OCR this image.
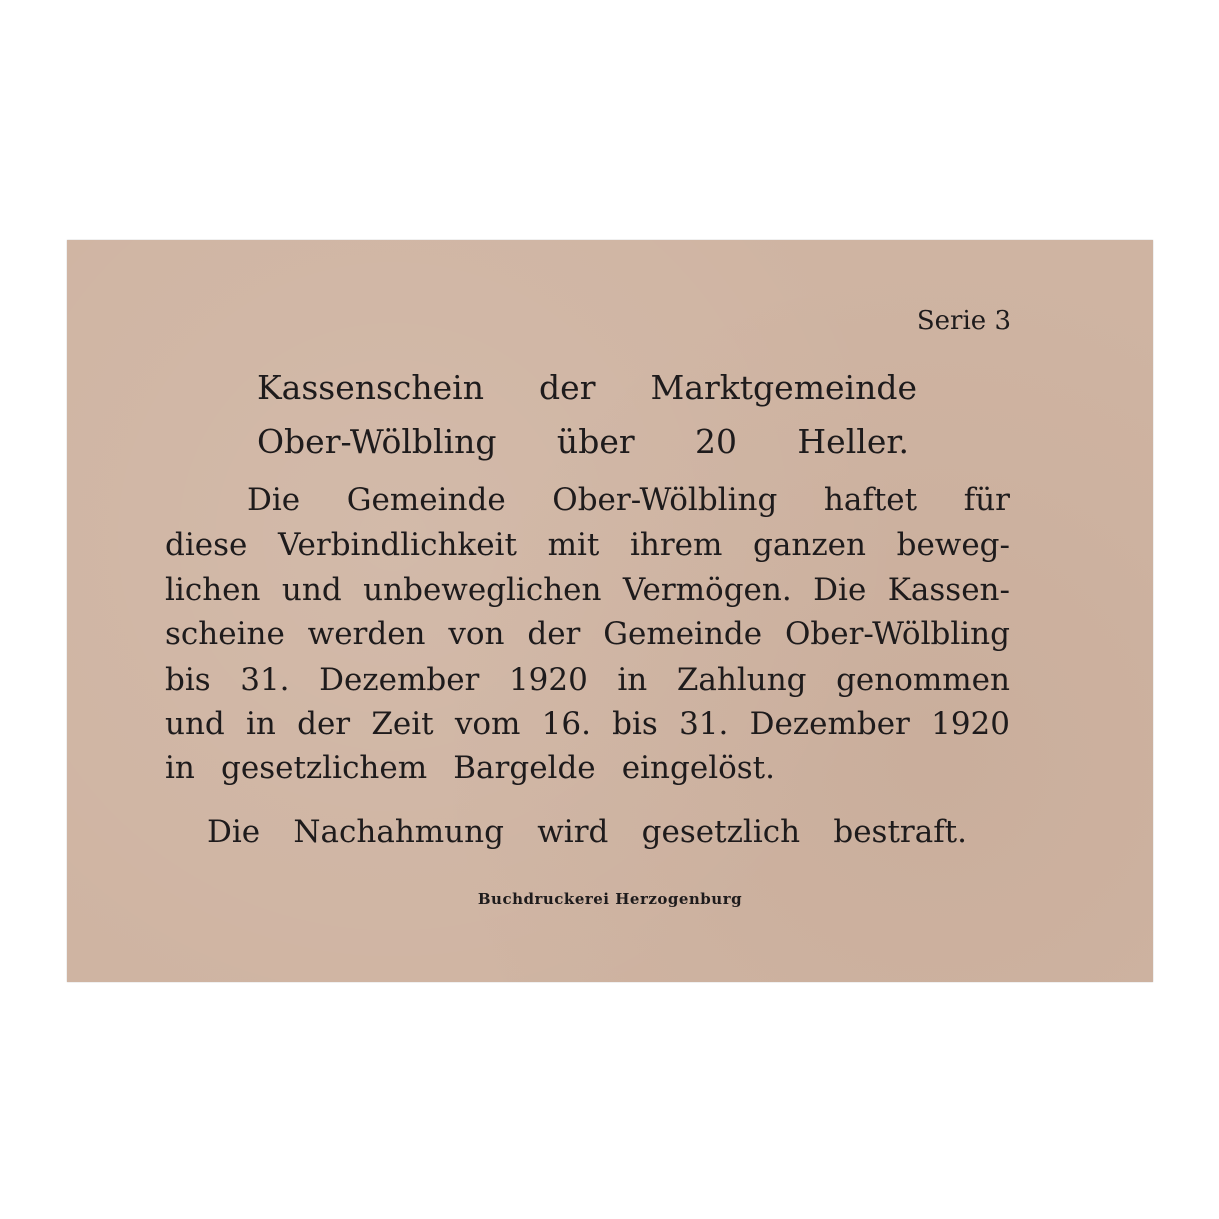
Serie 3
Kassenschein der Marktgemeinde
Ober-Wölbling über 20 Heller.
Die Gemeinde Ober-Wölbling haftet für
diese Verbindlichkeit mit ihrem ganzen beweg-
lichen und unbeweglichen Vermögen. Die Kassen-
scheine werden von der Gemeinde Ober-Wölbling
bis 31. Dezember 1920 in Zahlung genommen
und in der Zeit vom 16. bis 31. Dezember 1920
in gesetzlichem Bargelde eingelöst.
Die Nachahmung wird gesetzlich bestraft.
Buchdruckerei Herzogenburg
